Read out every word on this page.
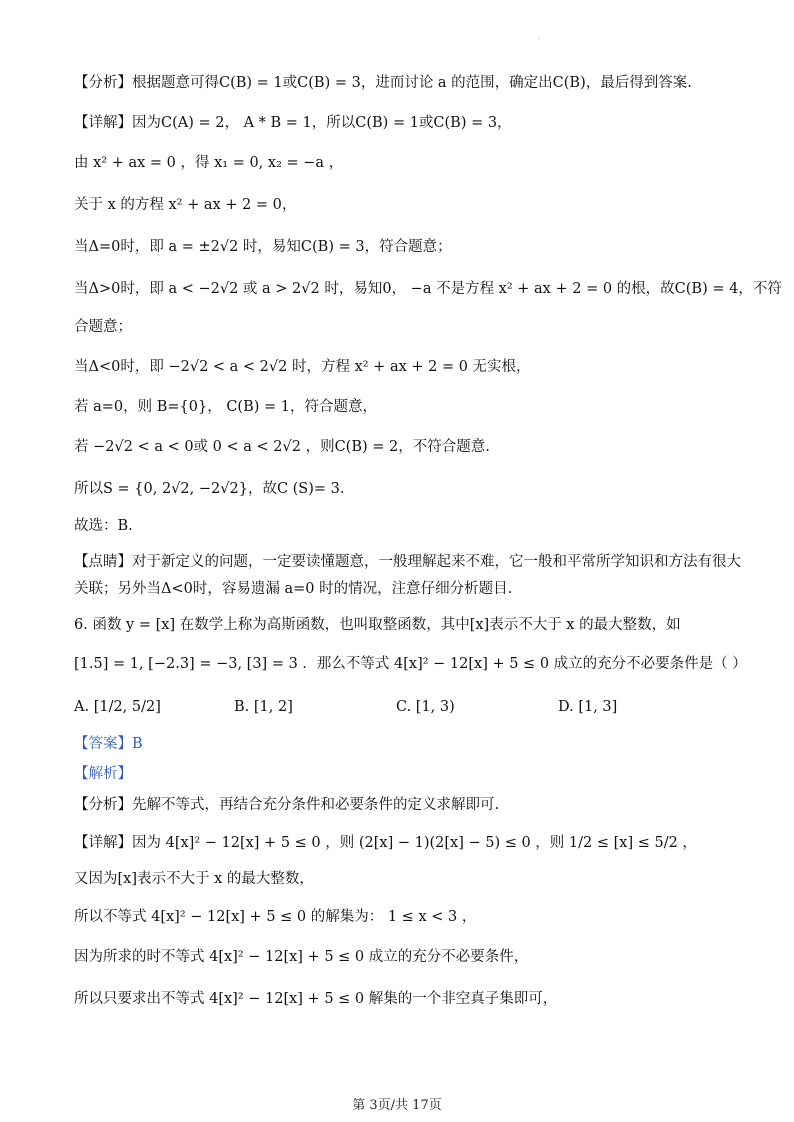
·
【分析】根据题意可得C(B) = 1或C(B) = 3，进而讨论 a 的范围，确定出C(B)，最后得到答案.
【详解】因为C(A) = 2， A * B = 1，所以C(B) = 1或C(B) = 3，
由 x² + ax = 0 ，得 x₁ = 0, x₂ = −a ，
关于 x 的方程 x² + ax + 2 = 0，
当Δ=0时，即 a = ±2√2 时，易知C(B) = 3，符合题意；
当Δ>0时，即 a < −2√2 或 a > 2√2 时，易知0， −a 不是方程 x² + ax + 2 = 0 的根，故C(B) = 4，不符
合题意；
当Δ<0时，即 −2√2 < a < 2√2 时，方程 x² + ax + 2 = 0 无实根，
若 a=0，则 B={0}， C(B) = 1，符合题意，
若 −2√2 < a < 0或 0 < a < 2√2 ，则C(B) = 2，不符合题意.
所以S = {0, 2√2, −2√2}，故C (S)= 3.
故选：B.
【点睛】对于新定义的问题，一定要读懂题意，一般理解起来不难，它一般和平常所学知识和方法有很大
关联；另外当Δ<0时，容易遗漏 a=0 时的情况，注意仔细分析题目.
6. 函数 y = [x] 在数学上称为高斯函数，也叫取整函数，其中[x]表示不大于 x 的最大整数，如
[1.5] = 1, [−2.3] = −3, [3] = 3 ．那么不等式 4[x]² − 12[x] + 5 ≤ 0 成立的充分不必要条件是（ ）
A. [1/2, 5/2]	B. [1, 2]	C. [1, 3)	D. [1, 3]
【答案】B
【解析】
【分析】先解不等式，再结合充分条件和必要条件的定义求解即可.
【详解】因为 4[x]² − 12[x] + 5 ≤ 0 ，则 (2[x] − 1)(2[x] − 5) ≤ 0 ，则 1/2 ≤ [x] ≤ 5/2 ，
又因为[x]表示不大于 x 的最大整数，
所以不等式 4[x]² − 12[x] + 5 ≤ 0 的解集为： 1 ≤ x < 3 ，
因为所求的时不等式 4[x]² − 12[x] + 5 ≤ 0 成立的充分不必要条件，
所以只要求出不等式 4[x]² − 12[x] + 5 ≤ 0 解集的一个非空真子集即可，
第 3页/共 17页
